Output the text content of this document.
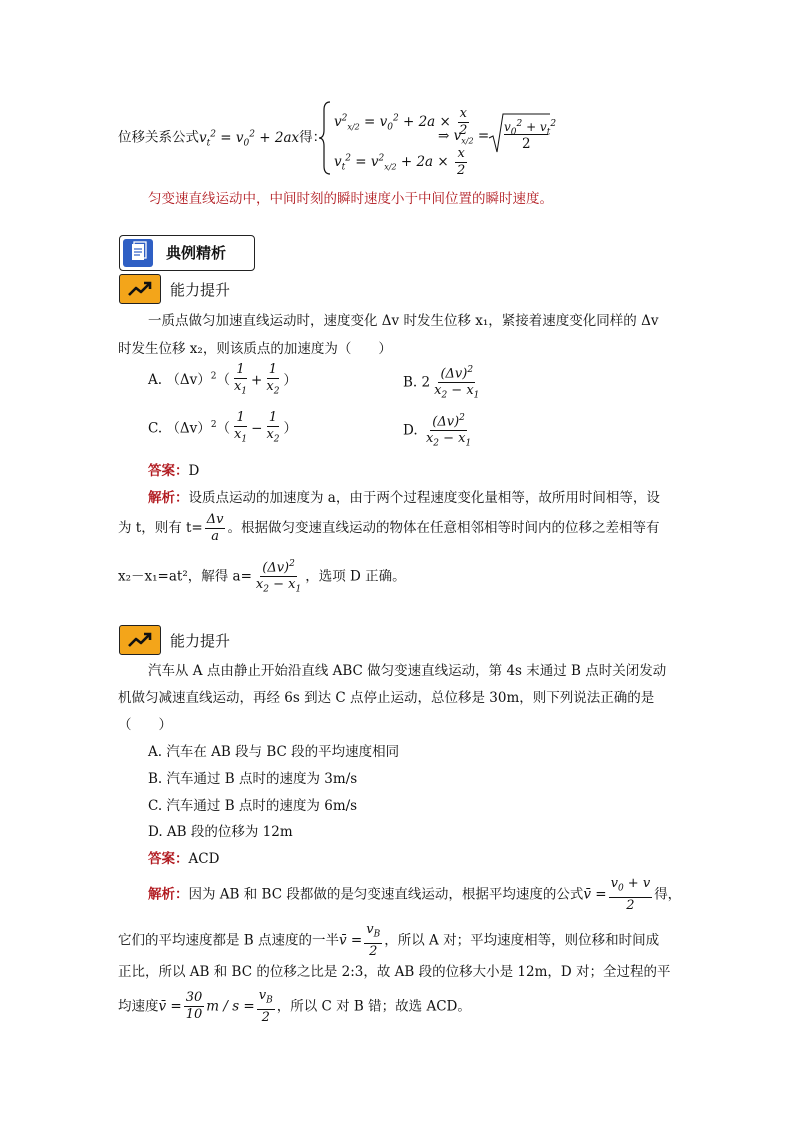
位移关系公式$v_t^2 = v_0^2 + 2ax$得：
$v^2_{x/2} = v_0^2 + 2a \times \frac{x}{2}$
$v_t^2 = v^2_{x/2} + 2a \times \frac{x}{2}$
⇒ $v_{x/2}$ =
$v_0^2 + v_t^2$
2
匀变速直线运动中，中间时刻的瞬时速度小于中间位置的瞬时速度。
典例精析
能力提升
一质点做匀加速直线运动时，速度变化 Δv 时发生位移 x₁，紧接着速度变化同样的 Δv
时发生位移 x₂，则该质点的加速度为（　　）
A. $(\Delta v)^2( \frac{1}{x_1} + \frac{1}{x_2}$ ）	B. $2 \frac{(\Delta v)^2}{x_2 - x_1}$
C. $(\Delta v)^2( \frac{1}{x_1} - \frac{1}{x_2}$ ）	D. $\frac{(\Delta v)^2}{x_2 - x_1}$
答案：D
解析：设质点运动的加速度为 a，由于两个过程速度变化量相等，故所用时间相等，设
为 t，则有 $t= \frac{\Delta v}{a}$ 。根据做匀变速直线运动的物体在任意相邻相等时间内的位移之差相等有
x₂－x₁=at²，解得 $a= \frac{(\Delta v)^2}{x_2 - x_1}$ ，选项 D 正确。
能力提升
汽车从 A 点由静止开始沿直线 ABC 做匀变速直线运动，第 4s 末通过 B 点时关闭发动
机做匀减速直线运动，再经 6s 到达 C 点停止运动，总位移是 30m，则下列说法正确的是
（　　）
A. 汽车在 AB 段与 BC 段的平均速度相同
B. 汽车通过 B 点时的速度为 3m/s
C. 汽车通过 B 点时的速度为 6m/s
D. AB 段的位移为 12m
答案：ACD
解析：因为 AB 和 BC 段都做的是匀变速直线运动，根据平均速度的公式v̄ = $\frac{v_0 + v}{2}$ 得，
它们的平均速度都是 B 点速度的一半v̄ = $\frac{v_B}{2}$ ，所以 A 对；平均速度相等，则位移和时间成
正比，所以 AB 和 BC 的位移之比是 2:3，故 AB 段的位移大小是 12m，D 对；全过程的平
均速度v̄ = $\frac{30}{10}$ $m / s = \frac{v_B}{2}$ ，所以 C 对 B 错；故选 ACD。
